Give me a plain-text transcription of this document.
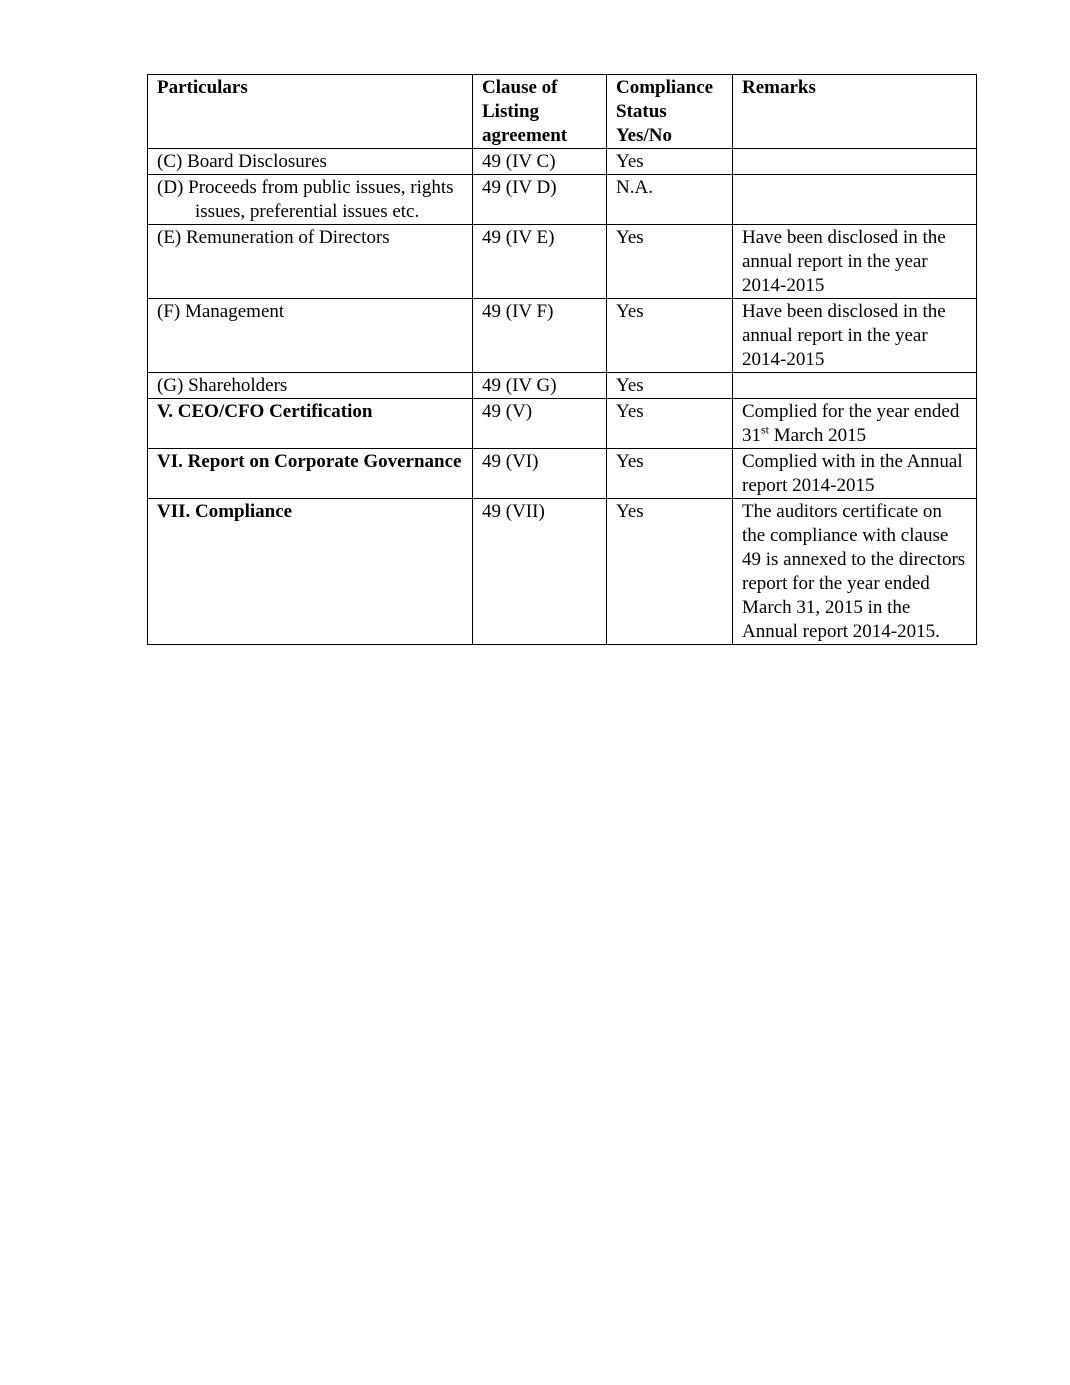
Particulars	Clause of Listing agreement	Compliance Status Yes/No	Remarks
(C) Board Disclosures	49 (IV C)	Yes	

(D) Proceeds from public issues, rights issues, preferential issues etc.	49 (IV D)	N.A.	
(E) Remuneration of Directors	49 (IV E)	Yes	Have been disclosed in the annual report in the year 2014-2015
(F) Management	49 (IV F)	Yes	Have been disclosed in the annual report in the year 2014-2015
(G) Shareholders	49 (IV G)	Yes	
V. CEO/CFO Certification	49 (V)	Yes	Complied for the year ended 31st March 2015
VI. Report on Corporate Governance	49 (VI)	Yes	Complied with in the Annual report 2014-2015
VII. Compliance	49 (VII)	Yes	The auditors certificate on the compliance with clause 49 is annexed to the directors report for the year ended March 31, 2015 in the Annual report 2014-2015.
